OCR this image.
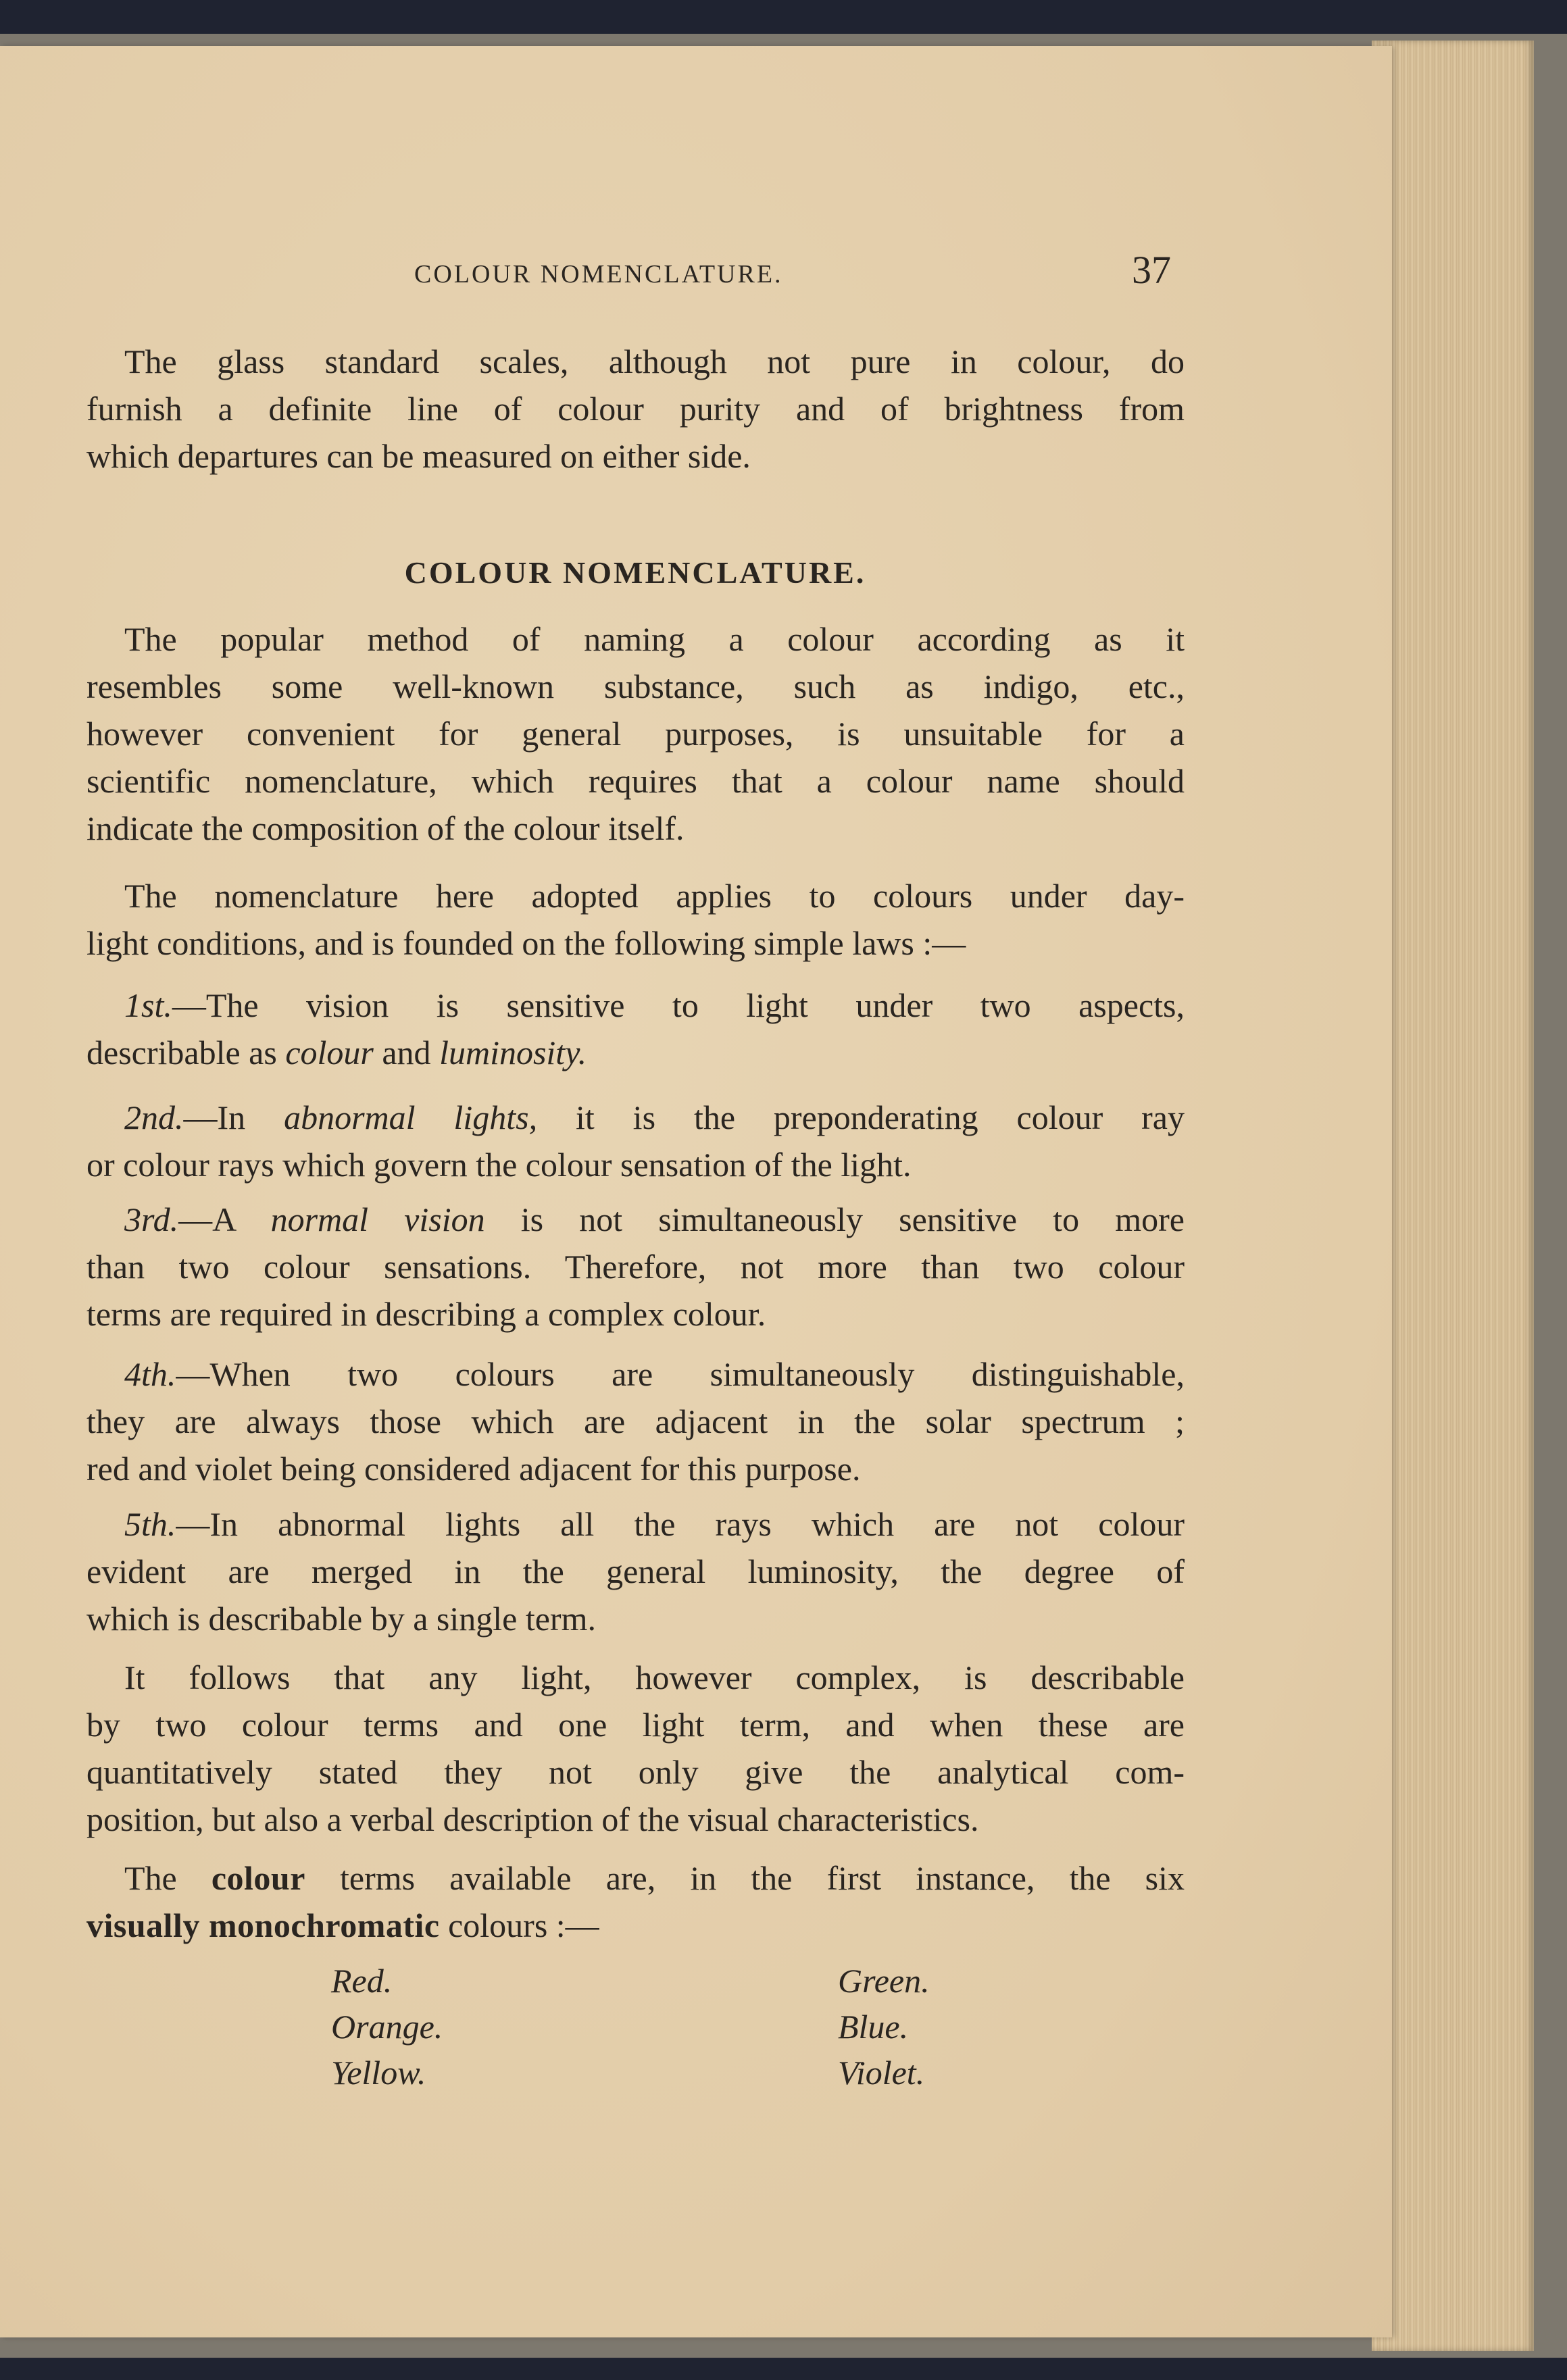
COLOUR NOMENCLATURE.	37
COLOUR NOMENCLATURE.
The glass standard scales, although not pure in colour, do
furnish a definite line of colour purity and of brightness from
which departures can be measured on either side.
The popular method of naming a colour according as it
resembles some well-known substance, such as indigo, etc.,
however convenient for general purposes, is unsuitable for a
scientific nomenclature, which requires that a colour name should
indicate the composition of the colour itself.
The nomenclature here adopted applies to colours under day-
light conditions, and is founded on the following simple laws :—
1st.—The vision is sensitive to light under two aspects,
describable as colour and luminosity.
2nd.—In abnormal lights, it is the preponderating colour ray
or colour rays which govern the colour sensation of the light.
3rd.—A normal vision is not simultaneously sensitive to more
than two colour sensations. Therefore, not more than two colour
terms are required in describing a complex colour.
4th.—When two colours are simultaneously distinguishable,
they are always those which are adjacent in the solar spectrum ;
red and violet being considered adjacent for this purpose.
5th.—In abnormal lights all the rays which are not colour
evident are merged in the general luminosity, the degree of
which is describable by a single term.
It follows that any light, however complex, is describable
by two colour terms and one light term, and when these are
quantitatively stated they not only give the analytical com-
position, but also a verbal description of the visual characteristics.
The colour terms available are, in the first instance, the six
visually monochromatic colours :—
Red.
Orange.
Yellow.
Green.
Blue.
Violet.
